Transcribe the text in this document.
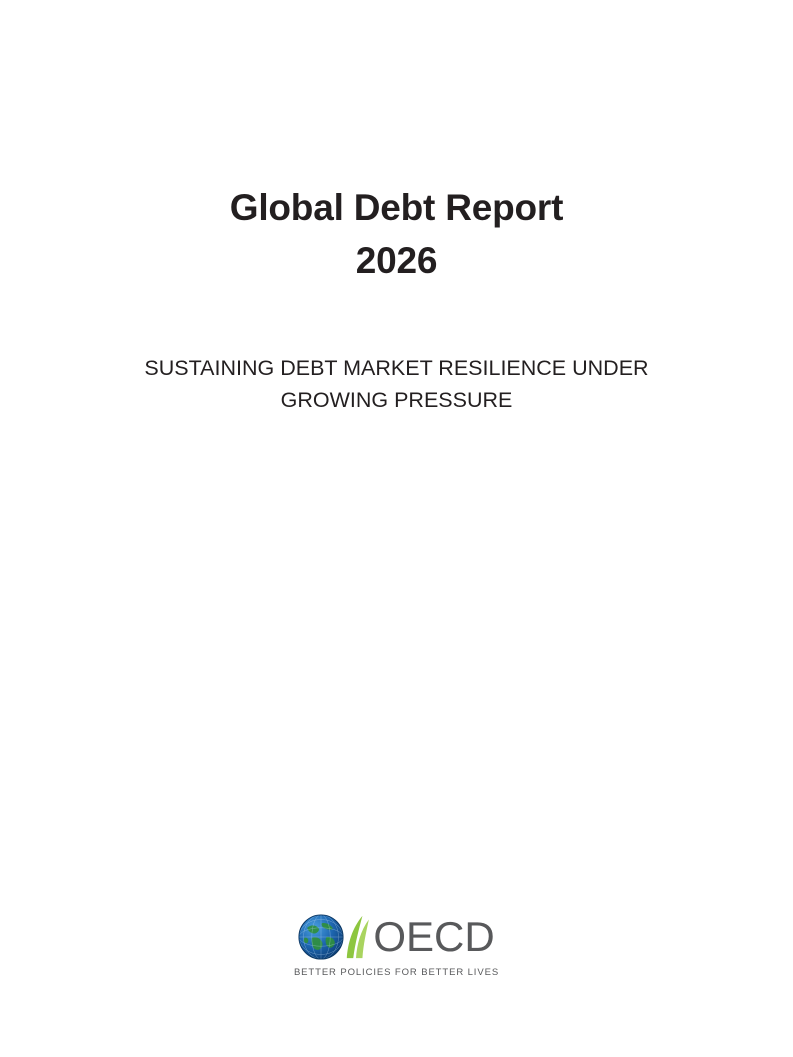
Global Debt Report
2026

SUSTAINING DEBT MARKET RESILIENCE UNDER GROWING PRESSURE

OECD
BETTER POLICIES FOR BETTER LIVES
